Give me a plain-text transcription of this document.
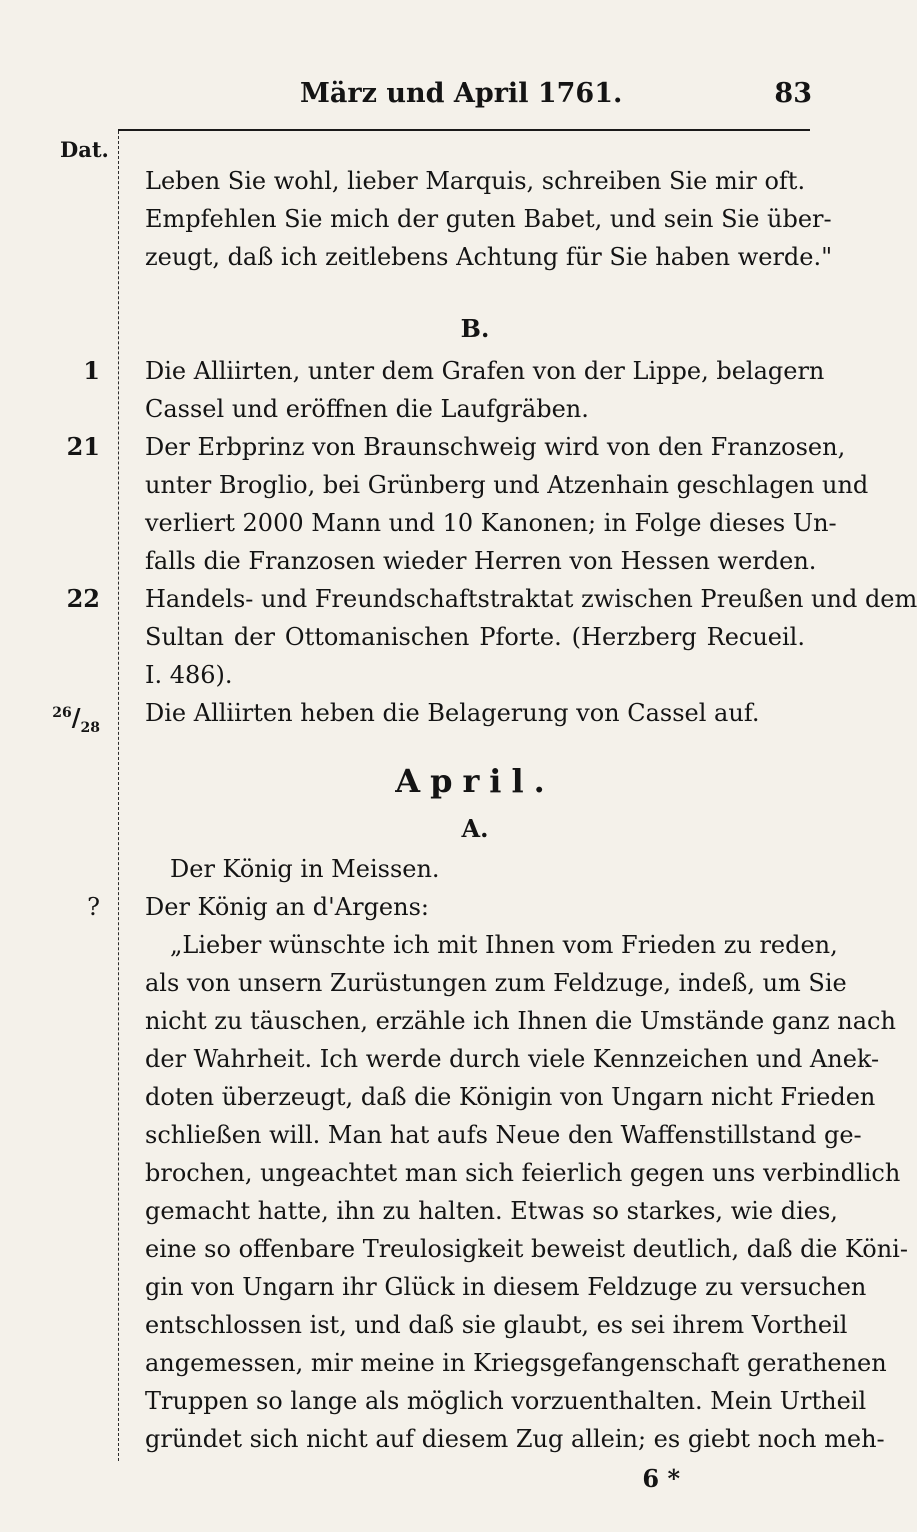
März und April 1761.	83
Dat.
1
21
22
$^{26}/_{28}$
?
Leben Sie wohl, lieber Marquis, schreiben Sie mir oft.
Empfehlen Sie mich der guten Babet, und sein Sie über-
zeugt, daß ich zeitlebens Achtung für Sie haben werde."
B.
Die Alliirten, unter dem Grafen von der Lippe, belagern
Cassel und eröffnen die Laufgräben.
Der Erbprinz von Braunschweig wird von den Franzosen,
unter Broglio, bei Grünberg und Atzenhain geschlagen und
verliert 2000 Mann und 10 Kanonen; in Folge dieses Un-
falls die Franzosen wieder Herren von Hessen werden.
Handels- und Freundschaftstraktat zwischen Preußen und dem
Sultan der Ottomanischen Pforte. (Herzberg Recueil.
I. 486).
Die Alliirten heben die Belagerung von Cassel auf.
April.
A.
Der König in Meissen.
Der König an d'Argens:
„Lieber wünschte ich mit Ihnen vom Frieden zu reden,
als von unsern Zurüstungen zum Feldzuge, indeß, um Sie
nicht zu täuschen, erzähle ich Ihnen die Umstände ganz nach
der Wahrheit. Ich werde durch viele Kennzeichen und Anek-
doten überzeugt, daß die Königin von Ungarn nicht Frieden
schließen will. Man hat aufs Neue den Waffenstillstand ge-
brochen, ungeachtet man sich feierlich gegen uns verbindlich
gemacht hatte, ihn zu halten. Etwas so starkes, wie dies,
eine so offenbare Treulosigkeit beweist deutlich, daß die Köni-
gin von Ungarn ihr Glück in diesem Feldzuge zu versuchen
entschlossen ist, und daß sie glaubt, es sei ihrem Vortheil
angemessen, mir meine in Kriegsgefangenschaft gerathenen
Truppen so lange als möglich vorzuenthalten. Mein Urtheil
gründet sich nicht auf diesem Zug allein; es giebt noch meh-
6 *
